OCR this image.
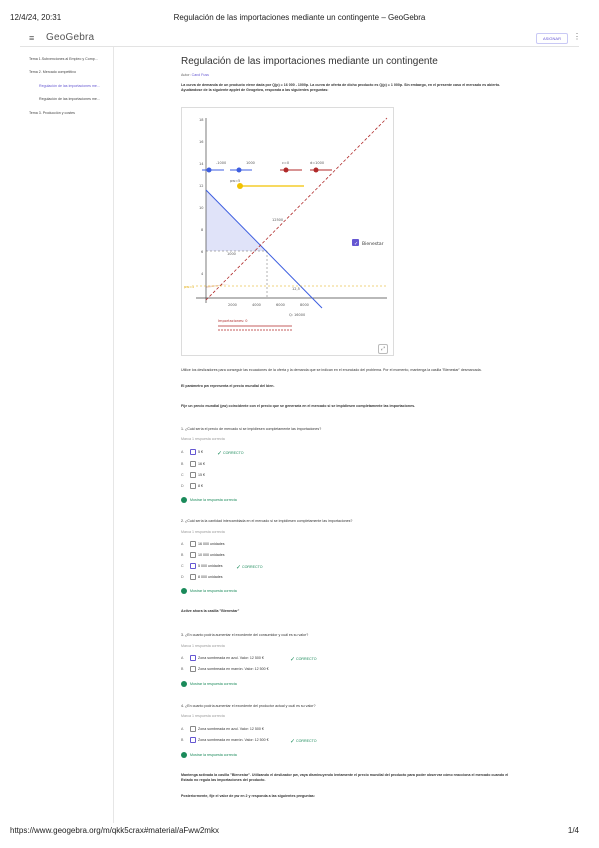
12/4/24, 20:31	Regulación de las importaciones mediante un contingente – GeoGebra
≡ GeoGebra	ASIGNAR	⋮
Tema 1.Subvenciones al Empleo y Comp...
Tema 2. Mercado competitivo
Regulación de las importaciones me...
Regulación de las importaciones me...
Tema 3. Producción y costes
Regulación de las importaciones mediante un contingente
Autor: Carol Fuss
La curva de demanda de un producto viene dada por Q(p) = 16 000 - 1000p. La curva de oferta de dicho producto es Q(p) = 1 000p. Sin embargo, en el presente caso el mercado es abierto. Ayudándose de la siguiente applet de Geogebra, responda a las siguientes preguntas:
18
16
14
12
10
8
6
4
-1000	1000	c=0	d=1000
pw=5
1000
12500
pw=5	12,5
Q: 16000
Importaciones: 0
2000	4000	6000	8000
✓ Bienestar
⤢
Utilice los deslizadores para conseguir las ecuaciones de la oferta y la demanda que se indican en el enunciado del problema. Por el momento, mantenga la casilla "Bienestar" desmarcada.
El parámetro pw representa el precio mundial del bien.
Fije un precio mundial (pw) coincidente con el precio que se generaría en el mercado si se impidiesen completamente las importaciones.
1. ¿Cuál sería el precio de mercado si se impidiesen completamente las importaciones?
Marca 1 respuesta correcta
A	5 € ✓ CORRECTO
B	16 €
C	15 €
D	8 €
Mostrar la respuesta correcta
2. ¿Cuál sería la cantidad intercambiada en el mercado si se impidiesen completamente las importaciones?
Marca 1 respuesta correcta
A	16 000 unidades
B	10 000 unidades
C	5 000 unidades ✓ CORRECTO
D	8 000 unidades
Mostrar la respuesta correcta
Active ahora la casilla "Bienestar"
3. ¿En cuanto podría aumentar el excedente del consumidor y cuál es su valor?
Marca 1 respuesta correcta
A	Zona sombreada en azul. Valor: 12 500 €	✓ CORRECTO
B	Zona sombreada en marrón. Valor: 12 500 €
Mostrar la respuesta correcta
4. ¿En cuanto podría aumentar el excedente del productor actual y cuál es su valor?
Marca 1 respuesta correcta
A	Zona sombreada en azul. Valor: 12 500 €
B	Zona sombreada en marrón. Valor: 12 500 €	✓ CORRECTO
Mostrar la respuesta correcta
Mantenga activada la casilla "Bienestar". Utilizando el deslizador pw, vaya disminuyendo lentamente el precio mundial del producto para poder observar cómo reacciona el mercado cuando el Estado no regula las importaciones del producto.
Posteriormente, fije el valor de pw en 2 y responda a las siguientes preguntas:
https://www.geogebra.org/m/qkk5crax#material/aFww2mkx	1/4
